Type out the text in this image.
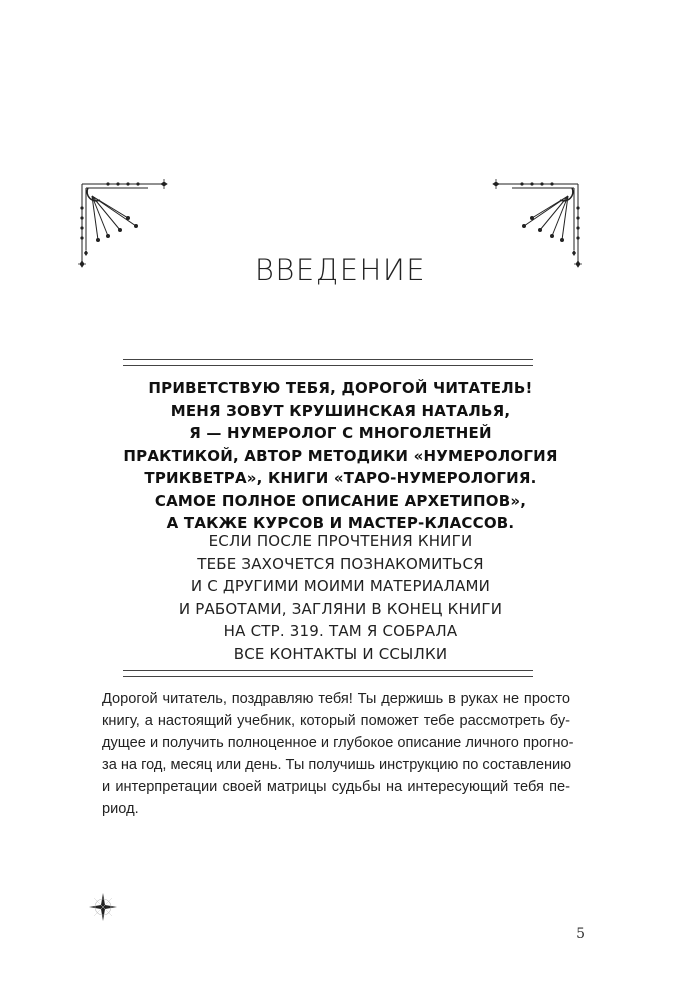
ВВЕДЕНИЕ
ПРИВЕТСТВУЮ ТЕБЯ, ДОРОГОЙ ЧИТАТЕЛЬ!
МЕНЯ ЗОВУТ КРУШИНСКАЯ НАТАЛЬЯ,
Я — НУМЕРОЛОГ С МНОГОЛЕТНЕЙ
ПРАКТИКОЙ, АВТОР МЕТОДИКИ «НУМЕРОЛОГИЯ
ТРИКВЕТРА», КНИГИ «ТАРО-НУМЕРОЛОГИЯ.
САМОЕ ПОЛНОЕ ОПИСАНИЕ АРХЕТИПОВ»,
А ТАКЖЕ КУРСОВ И МАСТЕР-КЛАССОВ.
ЕСЛИ ПОСЛЕ ПРОЧТЕНИЯ КНИГИ
ТЕБЕ ЗАХОЧЕТСЯ ПОЗНАКОМИТЬСЯ
И С ДРУГИМИ МОИМИ МАТЕРИАЛАМИ
И РАБОТАМИ, ЗАГЛЯНИ В КОНЕЦ КНИГИ
НА СТР. 319. ТАМ Я СОБРАЛА
ВСЕ КОНТАКТЫ И ССЫЛКИ
Дорогой читатель, поздравляю тебя! Ты держишь в руках не просто
книгу, а настоящий учебник, который поможет тебе рассмотреть бу-
дущее и получить полноценное и глубокое описание личного прогно-
за на год, месяц или день. Ты получишь инструкцию по составлению
и интерпретации своей матрицы судьбы на интересующий тебя пе-
риод.
5
